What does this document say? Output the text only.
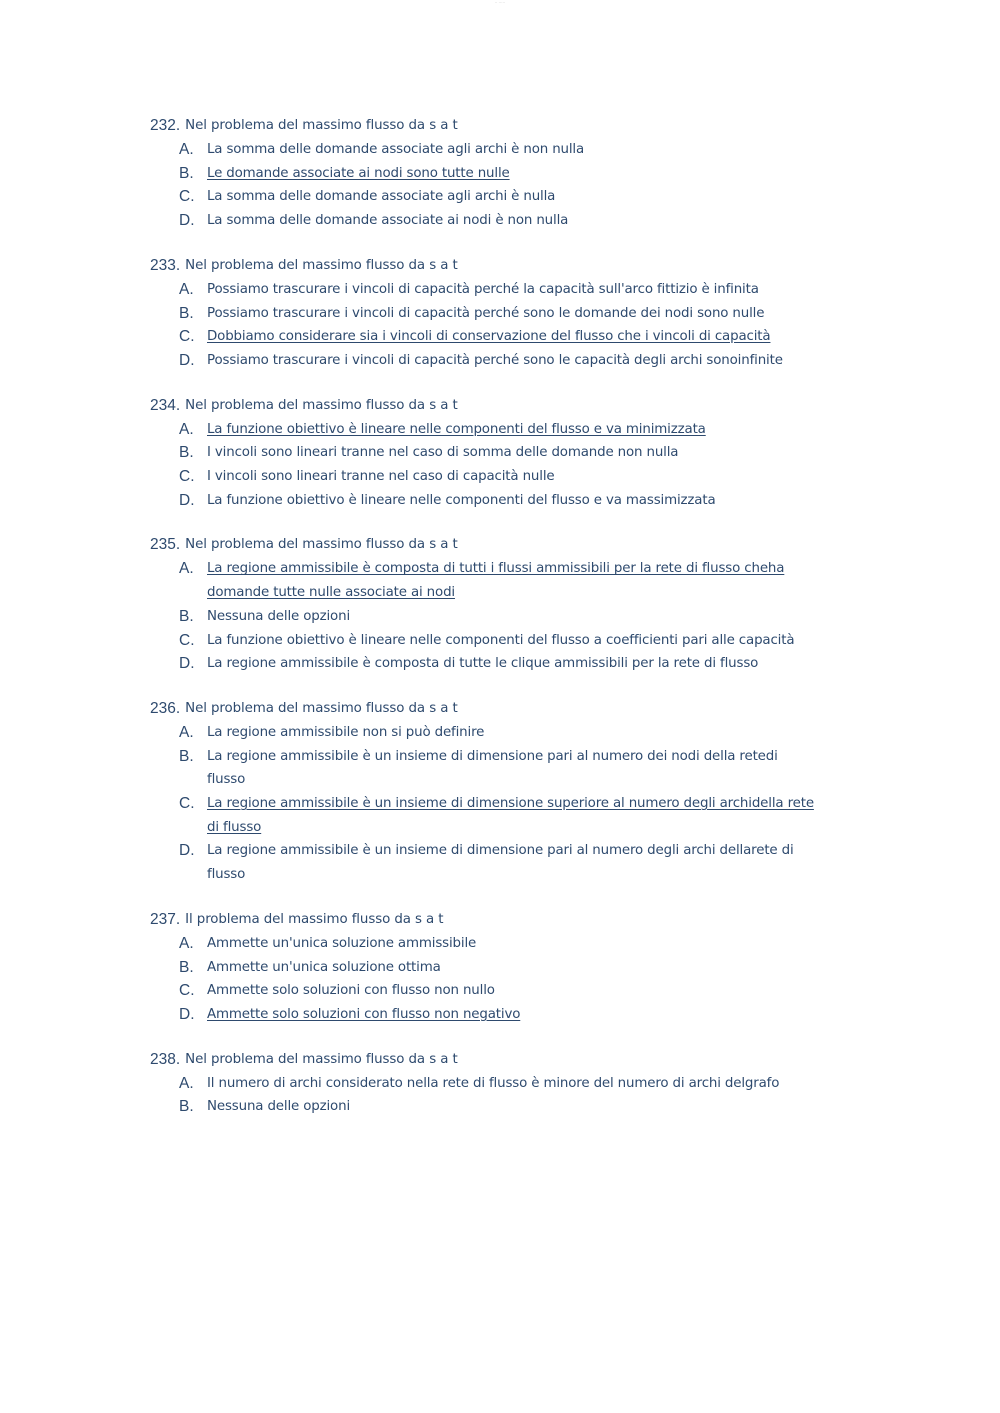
·· ·····
232. Nel problema del massimo flusso da s a t
A. La somma delle domande associate agli archi è non nulla
B. Le domande associate ai nodi sono tutte nulle
C. La somma delle domande associate agli archi è nulla
D. La somma delle domande associate ai nodi è non nulla
233. Nel problema del massimo flusso da s a t
A. Possiamo trascurare i vincoli di capacità perché la capacità sull'arco fittizio è infinita
B. Possiamo trascurare i vincoli di capacità perché sono le domande dei nodi sono nulle
C. Dobbiamo considerare sia i vincoli di conservazione del flusso che i vincoli di capacità
D. Possiamo trascurare i vincoli di capacità perché sono le capacità degli archi sonoinfinite
234. Nel problema del massimo flusso da s a t
A. La funzione obiettivo è lineare nelle componenti del flusso e va minimizzata
B. I vincoli sono lineari tranne nel caso di somma delle domande non nulla
C. I vincoli sono lineari tranne nel caso di capacità nulle
D. La funzione obiettivo è lineare nelle componenti del flusso e va massimizzata
235. Nel problema del massimo flusso da s a t
A. La regione ammissibile è composta di tutti i flussi ammissibili per la rete di flusso cheha domande tutte nulle associate ai nodi
B. Nessuna delle opzioni
C. La funzione obiettivo è lineare nelle componenti del flusso a coefficienti pari alle capacità
D. La regione ammissibile è composta di tutte le clique ammissibili per la rete di flusso
236. Nel problema del massimo flusso da s a t
A. La regione ammissibile non si può definire
B. La regione ammissibile è un insieme di dimensione pari al numero dei nodi della retedi flusso
C. La regione ammissibile è un insieme di dimensione superiore al numero degli archidella rete di flusso
D. La regione ammissibile è un insieme di dimensione pari al numero degli archi dellarete di flusso
237. Il problema del massimo flusso da s a t
A. Ammette un'unica soluzione ammissibile
B. Ammette un'unica soluzione ottima
C. Ammette solo soluzioni con flusso non nullo
D. Ammette solo soluzioni con flusso non negativo
238. Nel problema del massimo flusso da s a t
A. Il numero di archi considerato nella rete di flusso è minore del numero di archi delgrafo
B. Nessuna delle opzioni
